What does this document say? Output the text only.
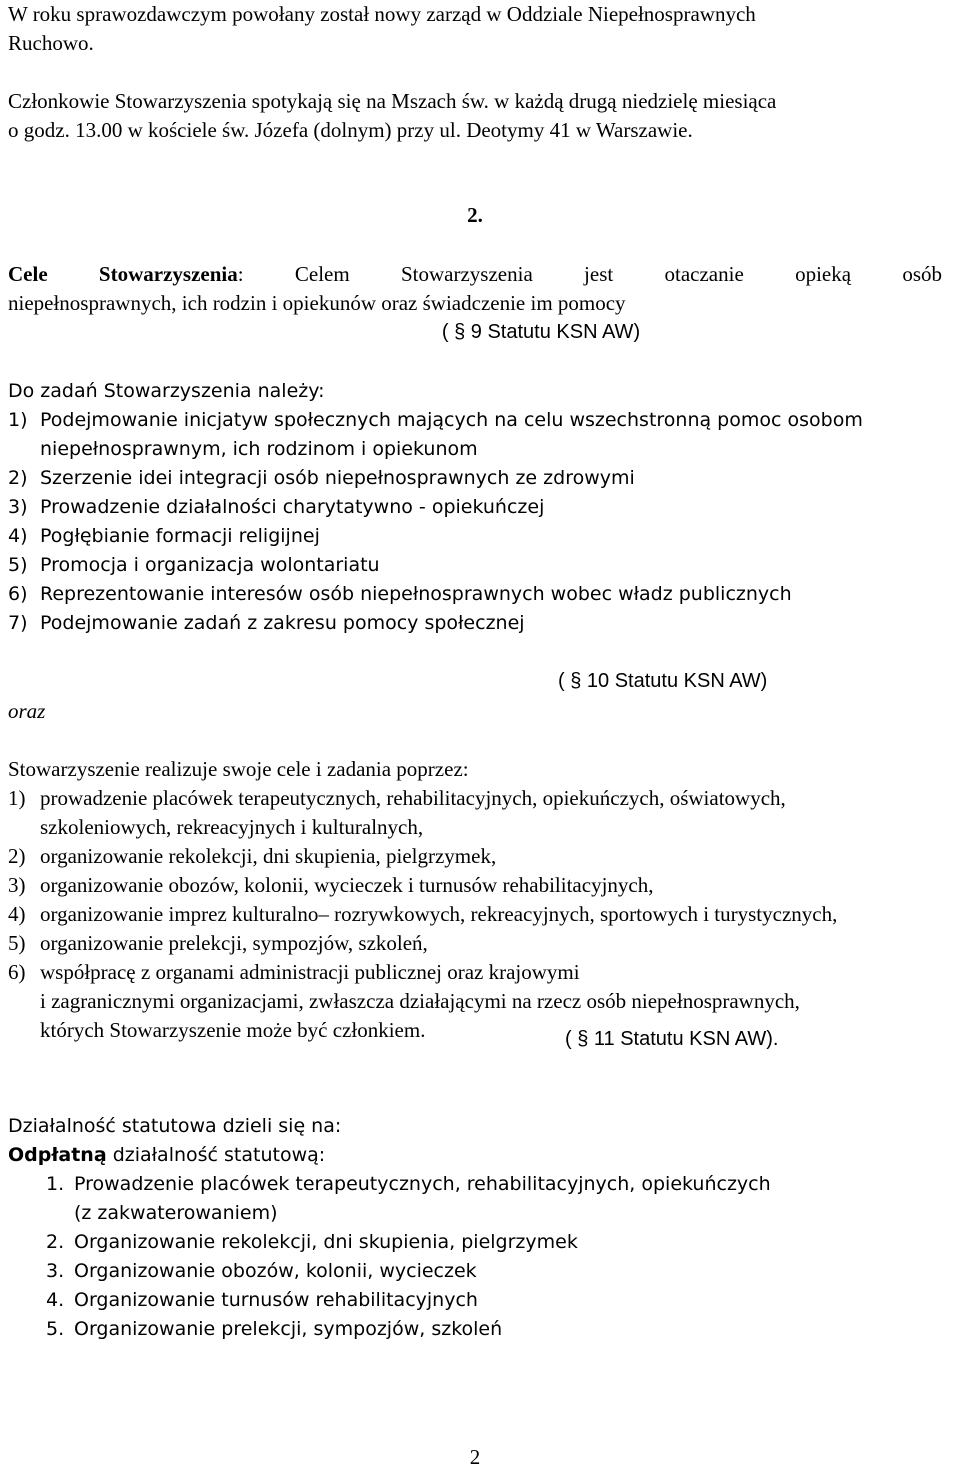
W roku sprawozdawczym powołany został nowy zarząd w Oddziale Niepełnosprawnych

Ruchowo.

Członkowie Stowarzyszenia spotykają się na Mszach św. w każdą drugą niedzielę miesiąca

o godz. 13.00 w kościele św. Józefa (dolnym) przy ul. Deotymy 41 w Warszawie.

2.

Cele Stowarzyszenia: Celem Stowarzyszenia jest otaczanie opieką osób

niepełnosprawnych, ich rodzin i opiekunów oraz świadczenie im pomocy

( § 9 Statutu KSN AW)

Do zadań Stowarzyszenia należy:

1) Podejmowanie inicjatyw społecznych mających na celu wszechstronną pomoc osobom
niepełnosprawnym, ich rodzinom i opiekunom
2) Szerzenie idei integracji osób niepełnosprawnych ze zdrowymi
3) Prowadzenie działalności charytatywno - opiekuńczej
4) Pogłębianie formacji religijnej
5) Promocja i organizacja wolontariatu
6) Reprezentowanie interesów osób niepełnosprawnych wobec władz publicznych
7) Podejmowanie zadań z zakresu pomocy społecznej
( § 10 Statutu KSN AW)
oraz

Stowarzyszenie realizuje swoje cele i zadania poprzez:

1) prowadzenie placówek terapeutycznych, rehabilitacyjnych, opiekuńczych, oświatowych,
szkoleniowych, rekreacyjnych i kulturalnych,
2) organizowanie rekolekcji, dni skupienia, pielgrzymek,
3) organizowanie obozów, kolonii, wycieczek i turnusów rehabilitacyjnych,
4) organizowanie imprez kulturalno– rozrywkowych, rekreacyjnych, sportowych i turystycznych,
5) organizowanie prelekcji, sympozjów, szkoleń,
6) współpracę z organami administracji publicznej oraz krajowymi
i zagranicznymi organizacjami, zwłaszcza działającymi na rzecz osób niepełnosprawnych,
których Stowarzyszenie może być członkiem.	( § 11 Statutu KSN AW).

Działalność statutowa dzieli się na:

Odpłatną działalność statutową:

1. Prowadzenie placówek terapeutycznych, rehabilitacyjnych, opiekuńczych
(z zakwaterowaniem)
2. Organizowanie rekolekcji, dni skupienia, pielgrzymek
3. Organizowanie obozów, kolonii, wycieczek
4. Organizowanie turnusów rehabilitacyjnych
5. Organizowanie prelekcji, sympozjów, szkoleń
2
